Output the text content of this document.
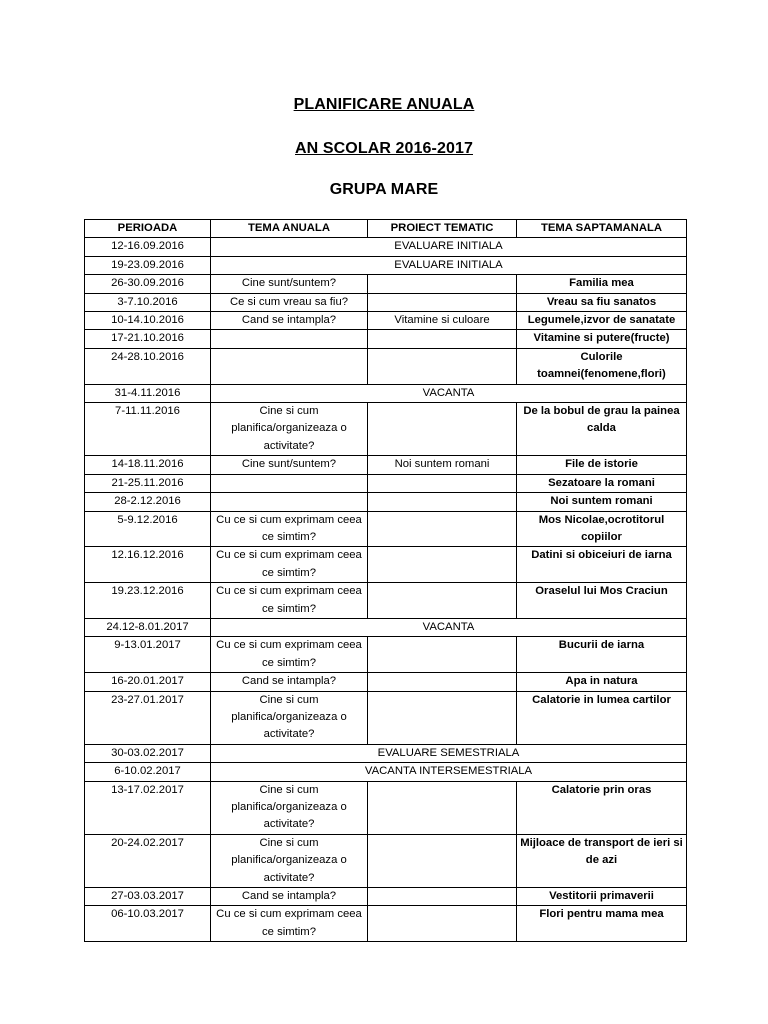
PLANIFICARE ANUALA
AN SCOLAR 2016-2017
GRUPA MARE
PERIOADA	TEMA ANUALA	PROIECT TEMATIC	TEMA SAPTAMANALA
12-16.09.2016	EVALUARE INITIALA		
19-23.09.2016	EVALUARE INITIALA		
26-30.09.2016	Cine sunt/suntem?		Familia mea
3-7.10.2016	Ce si cum vreau sa fiu?		Vreau sa fiu sanatos
10-14.10.2016	Cand se intampla?	Vitamine si culoare	Legumele,izvor de sanatate
17-21.10.2016			Vitamine si putere(fructe)
24-28.10.2016			Culorile toamnei(fenomene,flori)
31-4.11.2016	VACANTA		
7-11.11.2016	Cine si cum planifica/organizeaza o activitate?		De la bobul de grau la painea calda
14-18.11.2016	Cine sunt/suntem?	Noi suntem romani	File de istorie
21-25.11.2016			Sezatoare la romani
28-2.12.2016			Noi suntem romani
5-9.12.2016	Cu ce si cum exprimam ceea ce simtim?		Mos Nicolae,ocrotitorul copiilor
12.16.12.2016	Cu ce si cum exprimam ceea ce simtim?		Datini si obiceiuri de iarna
19.23.12.2016	Cu ce si cum exprimam ceea ce simtim?		Oraselul lui Mos Craciun
24.12-8.01.2017	VACANTA		
9-13.01.2017	Cu ce si cum exprimam ceea ce simtim?		Bucurii de iarna
16-20.01.2017	Cand se intampla?		Apa in natura
23-27.01.2017	Cine si cum planifica/organizeaza o activitate?		Calatorie in lumea cartilor
30-03.02.2017	EVALUARE SEMESTRIALA		
6-10.02.2017	VACANTA INTERSEMESTRIALA		
13-17.02.2017	Cine si cum planifica/organizeaza o activitate?		Calatorie prin oras
20-24.02.2017	Cine si cum planifica/organizeaza o activitate?		Mijloace de transport de ieri si de azi
27-03.03.2017	Cand se intampla?		Vestitorii primaverii
06-10.03.2017	Cu ce si cum exprimam ceea ce simtim?		Flori pentru mama mea
